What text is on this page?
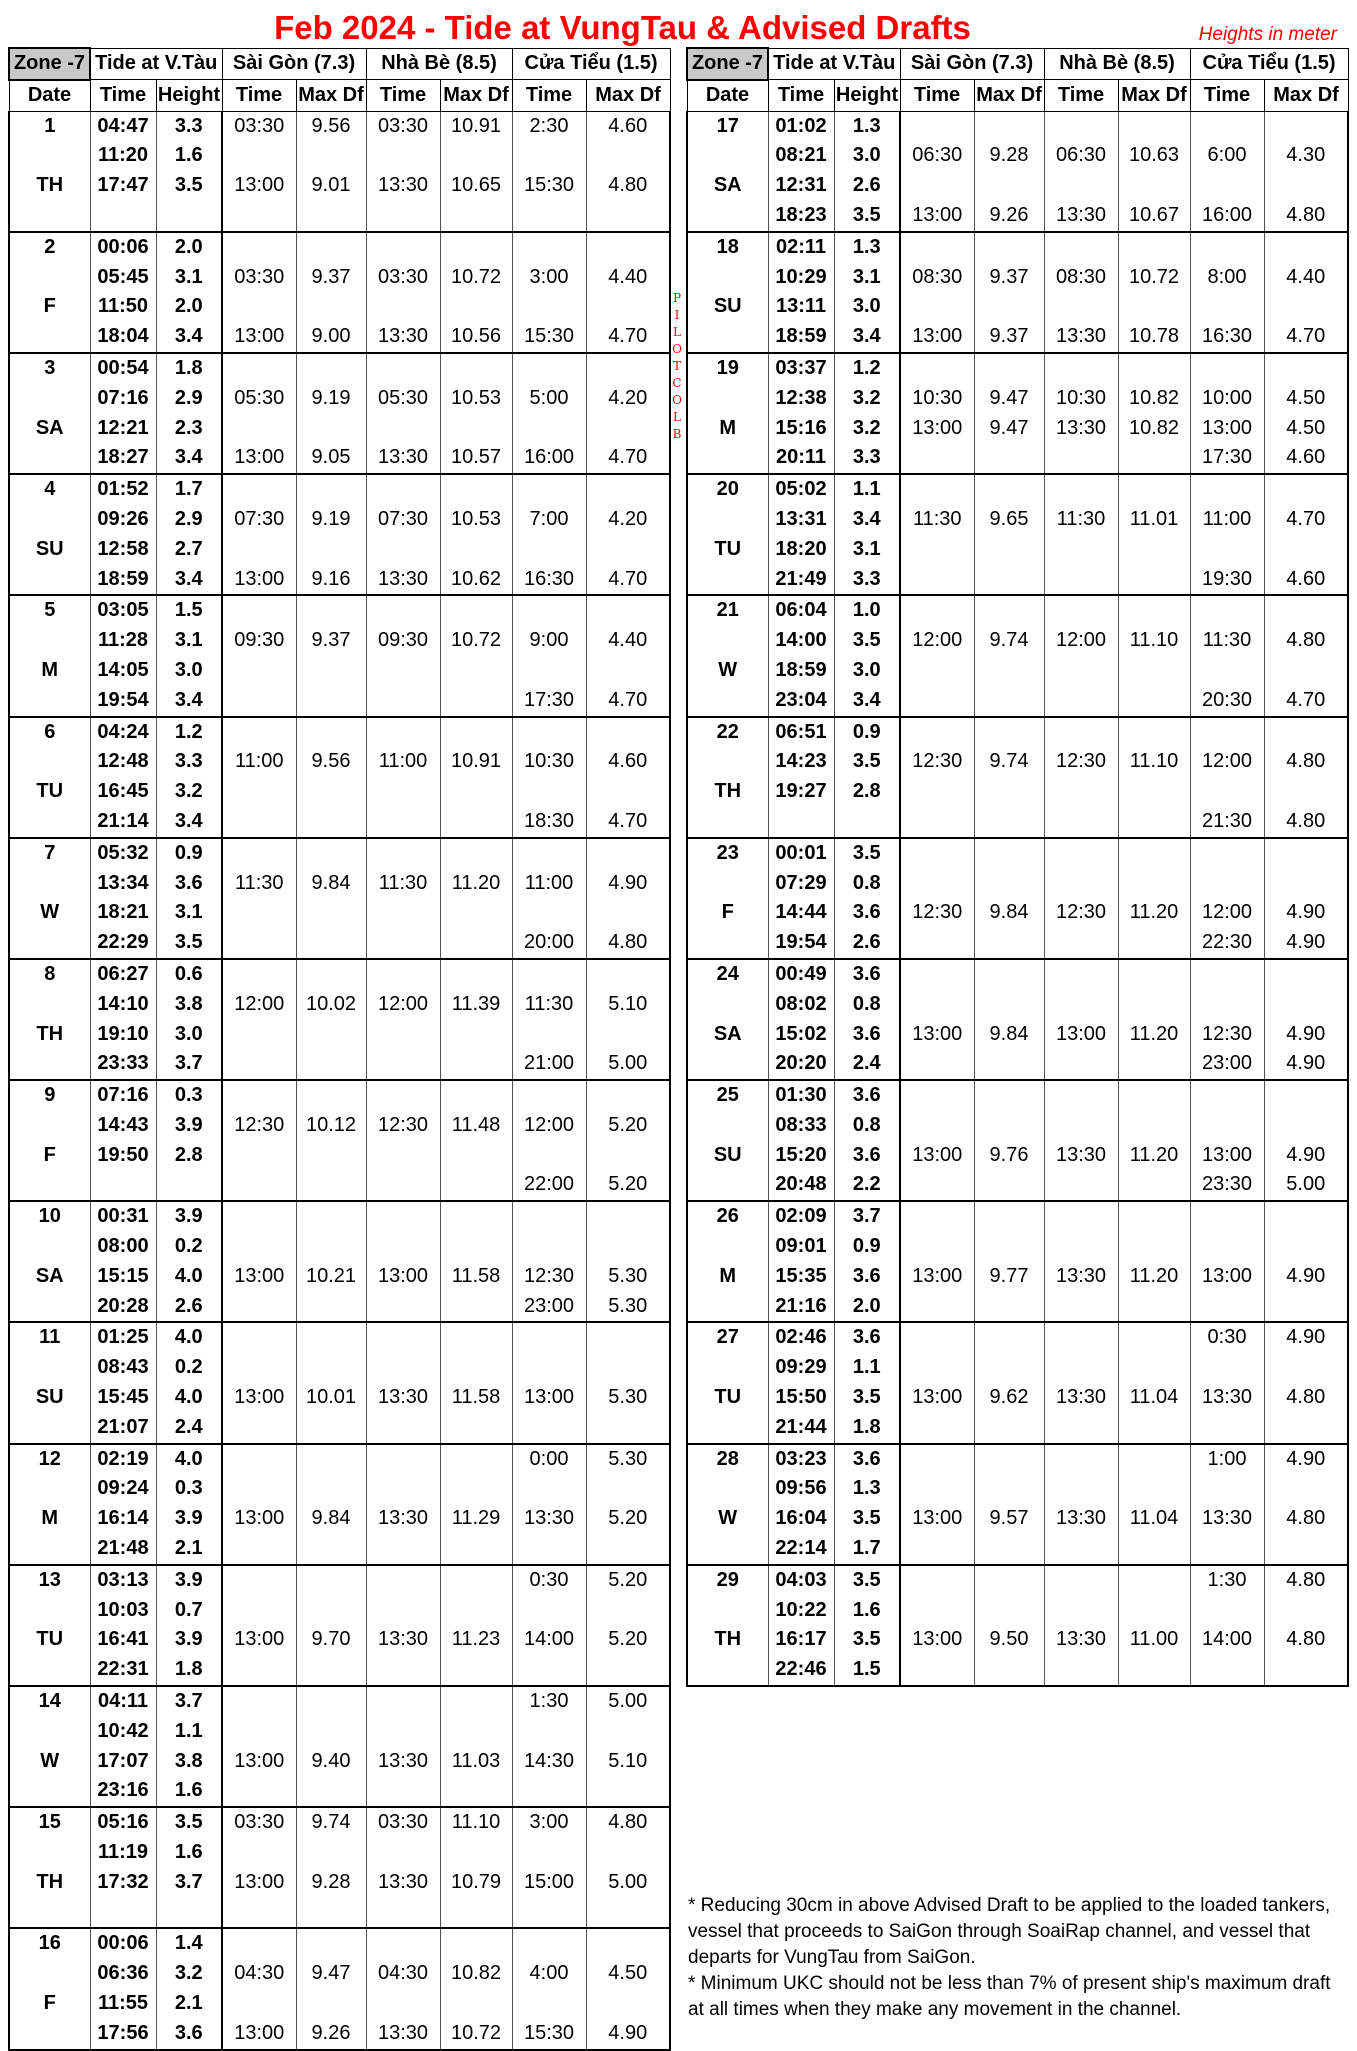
Feb 2024 - Tide at VungTau & Advised Drafts	Heights in meter
P
I
L
O
T
C
O
L
B
Zone -7	Tide at V.Tàu		Sài Gòn (7.3)		Nhà Bè (8.5)		Cửa Tiểu (1.5)	
Date	Time	Height	Time	Max Df	Time	Max Df	Time	Max Df
1	04:47	3.3	03:30	9.56	03:30	10.91	2:30	4.60
	11:20	1.6						
TH	17:47	3.5	13:00	9.01	13:30	10.65	15:30	4.80

2	00:06	2.0						
	05:45	3.1	03:30	9.37	03:30	10.72	3:00	4.40
F	11:50	2.0						
	18:04	3.4	13:00	9.00	13:30	10.56	15:30	4.70
3	00:54	1.8						
	07:16	2.9	05:30	9.19	05:30	10.53	5:00	4.20
SA	12:21	2.3						
	18:27	3.4	13:00	9.05	13:30	10.57	16:00	4.70
4	01:52	1.7						
	09:26	2.9	07:30	9.19	07:30	10.53	7:00	4.20
SU	12:58	2.7						
	18:59	3.4	13:00	9.16	13:30	10.62	16:30	4.70
5	03:05	1.5						
	11:28	3.1	09:30	9.37	09:30	10.72	9:00	4.40
M	14:05	3.0						
	19:54	3.4					17:30	4.70
6	04:24	1.2						
	12:48	3.3	11:00	9.56	11:00	10.91	10:30	4.60
TU	16:45	3.2						
	21:14	3.4					18:30	4.70
7	05:32	0.9						
	13:34	3.6	11:30	9.84	11:30	11.20	11:00	4.90
W	18:21	3.1						
	22:29	3.5					20:00	4.80
8	06:27	0.6						
	14:10	3.8	12:00	10.02	12:00	11.39	11:30	5.10
TH	19:10	3.0						
	23:33	3.7					21:00	5.00
9	07:16	0.3						
	14:43	3.9	12:30	10.12	12:30	11.48	12:00	5.20
F	19:50	2.8						
							22:00	5.20
10	00:31	3.9						
	08:00	0.2						
SA	15:15	4.0	13:00	10.21	13:00	11.58	12:30	5.30
	20:28	2.6					23:00	5.30
11	01:25	4.0						
	08:43	0.2						
SU	15:45	4.0	13:00	10.01	13:30	11.58	13:00	5.30
	21:07	2.4						
12	02:19	4.0					0:00	5.30
	09:24	0.3						
M	16:14	3.9	13:00	9.84	13:30	11.29	13:30	5.20
	21:48	2.1						
13	03:13	3.9					0:30	5.20
	10:03	0.7						
TU	16:41	3.9	13:00	9.70	13:30	11.23	14:00	5.20
	22:31	1.8						
14	04:11	3.7					1:30	5.00
	10:42	1.1						
W	17:07	3.8	13:00	9.40	13:30	11.03	14:30	5.10
	23:16	1.6						
15	05:16	3.5	03:30	9.74	03:30	11.10	3:00	4.80
	11:19	1.6						
TH	17:32	3.7	13:00	9.28	13:30	10.79	15:00	5.00

16	00:06	1.4						
	06:36	3.2	04:30	9.47	04:30	10.82	4:00	4.50
F	11:55	2.1						
	17:56	3.6	13:00	9.26	13:30	10.72	15:30	4.90
Zone -7	Tide at V.Tàu		Sài Gòn (7.3)		Nhà Bè (8.5)		Cửa Tiểu (1.5)	
Date	Time	Height	Time	Max Df	Time	Max Df	Time	Max Df
17	01:02	1.3						
	08:21	3.0	06:30	9.28	06:30	10.63	6:00	4.30
SA	12:31	2.6						
	18:23	3.5	13:00	9.26	13:30	10.67	16:00	4.80
18	02:11	1.3						
	10:29	3.1	08:30	9.37	08:30	10.72	8:00	4.40
SU	13:11	3.0						
	18:59	3.4	13:00	9.37	13:30	10.78	16:30	4.70
19	03:37	1.2						
	12:38	3.2	10:30	9.47	10:30	10.82	10:00	4.50
M	15:16	3.2	13:00	9.47	13:30	10.82	13:00	4.50
	20:11	3.3					17:30	4.60
20	05:02	1.1						
	13:31	3.4	11:30	9.65	11:30	11.01	11:00	4.70
TU	18:20	3.1						
	21:49	3.3					19:30	4.60
21	06:04	1.0						
	14:00	3.5	12:00	9.74	12:00	11.10	11:30	4.80
W	18:59	3.0						
	23:04	3.4					20:30	4.70
22	06:51	0.9						
	14:23	3.5	12:30	9.74	12:30	11.10	12:00	4.80
TH	19:27	2.8						
							21:30	4.80
23	00:01	3.5						
	07:29	0.8						
F	14:44	3.6	12:30	9.84	12:30	11.20	12:00	4.90
	19:54	2.6					22:30	4.90
24	00:49	3.6						
	08:02	0.8						
SA	15:02	3.6	13:00	9.84	13:00	11.20	12:30	4.90
	20:20	2.4					23:00	4.90
25	01:30	3.6						
	08:33	0.8						
SU	15:20	3.6	13:00	9.76	13:30	11.20	13:00	4.90
	20:48	2.2					23:30	5.00
26	02:09	3.7						
	09:01	0.9						
M	15:35	3.6	13:00	9.77	13:30	11.20	13:00	4.90
	21:16	2.0						
27	02:46	3.6					0:30	4.90
	09:29	1.1						
TU	15:50	3.5	13:00	9.62	13:30	11.04	13:30	4.80
	21:44	1.8						
28	03:23	3.6					1:00	4.90
	09:56	1.3						
W	16:04	3.5	13:00	9.57	13:30	11.04	13:30	4.80
	22:14	1.7						
29	04:03	3.5					1:30	4.80
	10:22	1.6						
TH	16:17	3.5	13:00	9.50	13:30	11.00	14:00	4.80
	22:46	1.5						

* Reducing 30cm in above Advised Draft to be applied to the loaded tankers, vessel that proceeds to SaiGon through SoaiRap channel, and vessel that departs for VungTau from SaiGon.

* Minimum UKC should not be less than 7% of present ship's maximum draft at all times when they make any movement in the channel.
